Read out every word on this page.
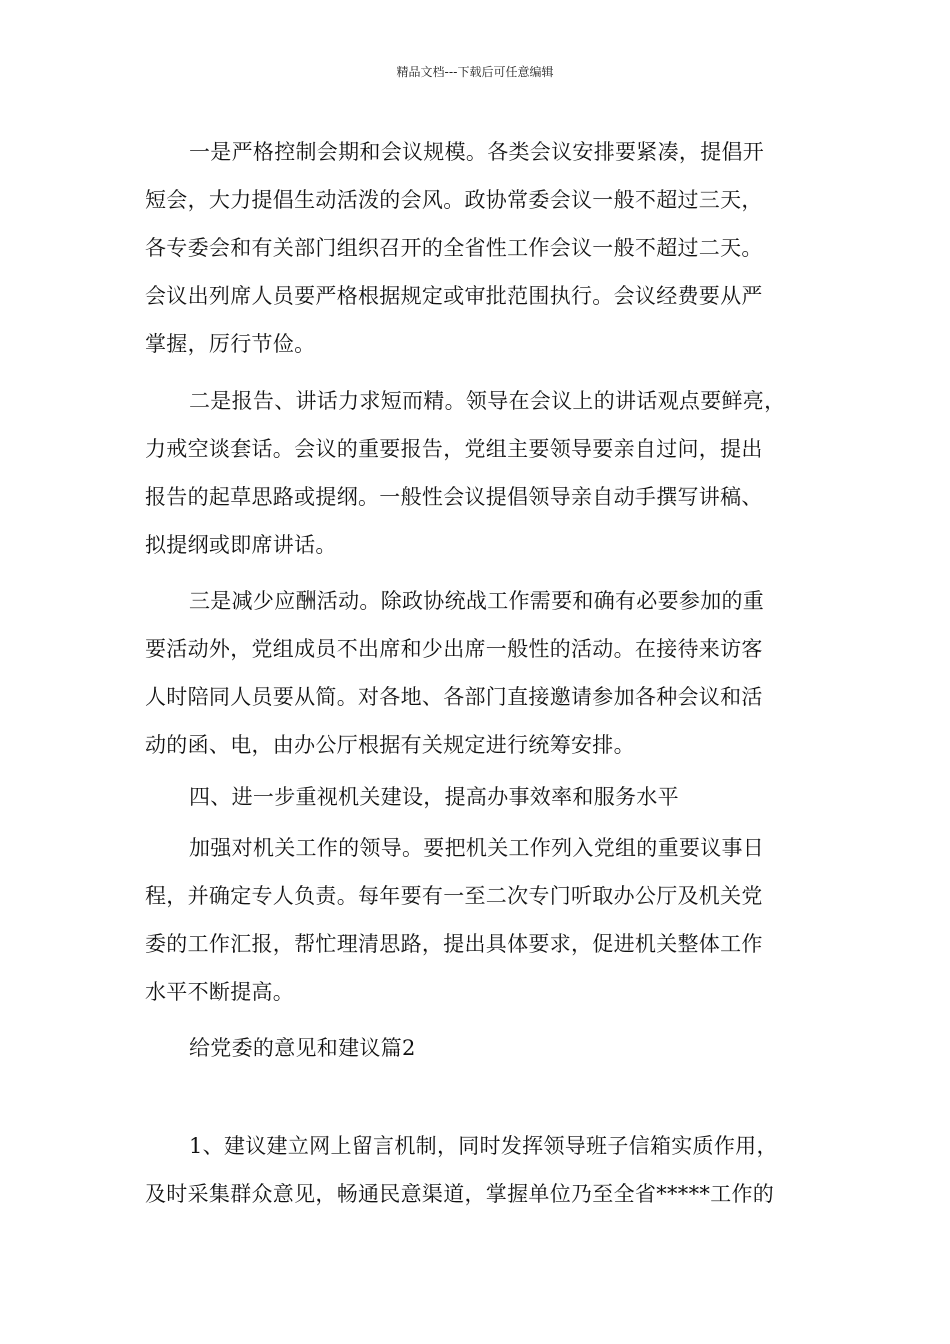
精品文档---下载后可任意编辑
一是严格控制会期和会议规模。各类会议安排要紧凑，提倡开
短会，大力提倡生动活泼的会风。政协常委会议一般不超过三天，
各专委会和有关部门组织召开的全省性工作会议一般不超过二天。
会议出列席人员要严格根据规定或审批范围执行。会议经费要从严
掌握，厉行节俭。
二是报告、讲话力求短而精。领导在会议上的讲话观点要鲜亮，
力戒空谈套话。会议的重要报告，党组主要领导要亲自过问，提出
报告的起草思路或提纲。一般性会议提倡领导亲自动手撰写讲稿、
拟提纲或即席讲话。
三是减少应酬活动。除政协统战工作需要和确有必要参加的重
要活动外，党组成员不出席和少出席一般性的活动。在接待来访客
人时陪同人员要从简。对各地、各部门直接邀请参加各种会议和活
动的函、电，由办公厅根据有关规定进行统筹安排。
四、进一步重视机关建设，提高办事效率和服务水平
加强对机关工作的领导。要把机关工作列入党组的重要议事日
程，并确定专人负责。每年要有一至二次专门听取办公厅及机关党
委的工作汇报，帮忙理清思路，提出具体要求，促进机关整体工作
水平不断提高。
给党委的意见和建议篇2
1、建议建立网上留言机制，同时发挥领导班子信箱实质作用，
及时采集群众意见，畅通民意渠道，掌握单位乃至全省*****工作的
